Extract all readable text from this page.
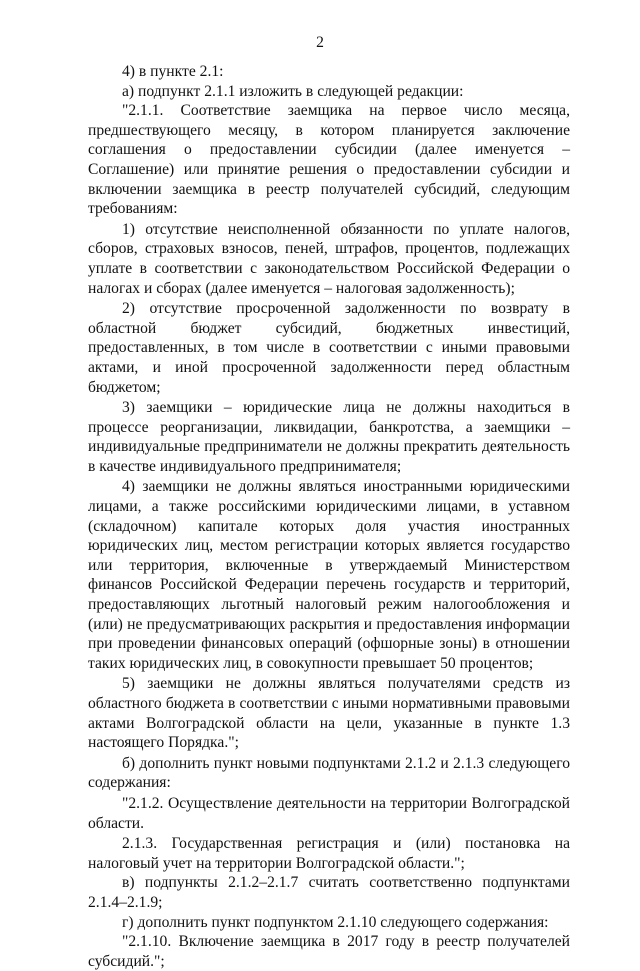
2

4) в пункте 2.1:

а) подпункт 2.1.1 изложить в следующей редакции:

"2.1.1. Соответствие заемщика на первое число месяца, предшествующего месяцу, в котором планируется заключение соглашения о предоставлении субсидии (далее именуется – Соглашение) или принятие решения о предоставлении субсидии и включении заемщика в реестр получателей субсидий, следующим требованиям:

1) отсутствие неисполненной обязанности по уплате налогов, сборов, страховых взносов, пеней, штрафов, процентов, подлежащих уплате в соответствии с законодательством Российской Федерации о налогах и сборах (далее именуется – налоговая задолженность);

2) отсутствие просроченной задолженности по возврату в областной бюджет субсидий, бюджетных инвестиций, предоставленных, в том числе в соответствии с иными правовыми актами, и иной просроченной задолженности перед областным бюджетом;

3) заемщики – юридические лица не должны находиться в процессе реорганизации, ликвидации, банкротства, а заемщики – индивидуальные предприниматели не должны прекратить деятельность в качестве индивидуального предпринимателя;

4) заемщики не должны являться иностранными юридическими лицами, а также российскими юридическими лицами, в уставном (складочном) капитале которых доля участия иностранных юридических лиц, местом регистрации которых является государство или территория, включенные в утверждаемый Министерством финансов Российской Федерации перечень государств и территорий, предоставляющих льготный налоговый режим налогообложения и (или) не предусматривающих раскрытия и предоставления информации при проведении финансовых операций (офшорные зоны) в отношении таких юридических лиц, в совокупности превышает 50 процентов;

5) заемщики не должны являться получателями средств из областного бюджета в соответствии с иными нормативными правовыми актами Волгоградской области на цели, указанные в пункте 1.3 настоящего Порядка.";

б) дополнить пункт новыми подпунктами 2.1.2 и 2.1.3 следующего содержания:

"2.1.2. Осуществление деятельности на территории Волгоградской области.

2.1.3. Государственная регистрация и (или) постановка на налоговый учет на территории Волгоградской области.";

в) подпункты 2.1.2–2.1.7 считать соответственно подпунктами 2.1.4–2.1.9;

г) дополнить пункт подпунктом 2.1.10 следующего содержания:

"2.1.10. Включение заемщика в 2017 году в реестр получателей субсидий.";
